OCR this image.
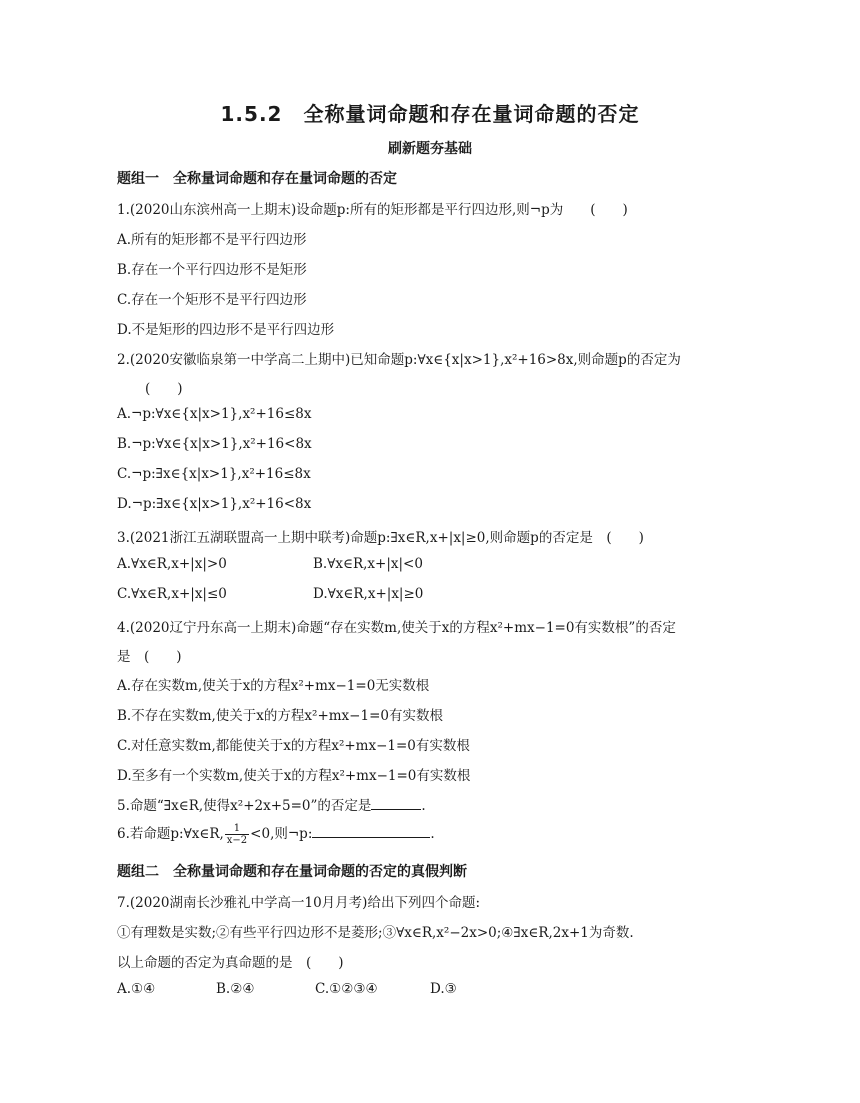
1.5.2　全称量词命题和存在量词命题的否定
刷新题夯基础
题组一　全称量词命题和存在量词命题的否定
1.(2020山东滨州高一上期末)设命题p:所有的矩形都是平行四边形,则¬p为　　(　　)
A.所有的矩形都不是平行四边形
B.存在一个平行四边形不是矩形
C.存在一个矩形不是平行四边形
D.不是矩形的四边形不是平行四边形
2.(2020安徽临泉第一中学高二上期中)已知命题p:∀x∈{x|x>1},x²+16>8x,则命题p的否定为
(　　)
A.¬p:∀x∈{x|x>1},x²+16≤8x
B.¬p:∀x∈{x|x>1},x²+16<8x
C.¬p:∃x∈{x|x>1},x²+16≤8x
D.¬p:∃x∈{x|x>1},x²+16<8x
3.(2021浙江五湖联盟高一上期中联考)命题p:∃x∈R,x+|x|≥0,则命题p的否定是　(　　)
A.∀x∈R,x+|x|>0	B.∀x∈R,x+|x|<0
C.∀x∈R,x+|x|≤0	D.∀x∈R,x+|x|≥0
4.(2020辽宁丹东高一上期末)命题“存在实数m,使关于x的方程x²+mx−1=0有实数根”的否定
是　(　　)
A.存在实数m,使关于x的方程x²+mx−1=0无实数根
B.不存在实数m,使关于x的方程x²+mx−1=0有实数根
C.对任意实数m,都能使关于x的方程x²+mx−1=0有实数根
D.至多有一个实数m,使关于x的方程x²+mx−1=0有实数根
5.命题“∃x∈R,使得x²+2x+5=0”的否定是	.
6.若命题p:∀x∈R, $\frac{1}{x-2} <0$,则¬p:	.
题组二　全称量词命题和存在量词命题的否定的真假判断
7.(2020湖南长沙雅礼中学高一10月月考)给出下列四个命题:
①有理数是实数;②有些平行四边形不是菱形;③∀x∈R,x²−2x>0;④∃x∈R,2x+1为奇数.
以上命题的否定为真命题的是　(　　)
A.①④	B.②④	C.①②③④	D.③
